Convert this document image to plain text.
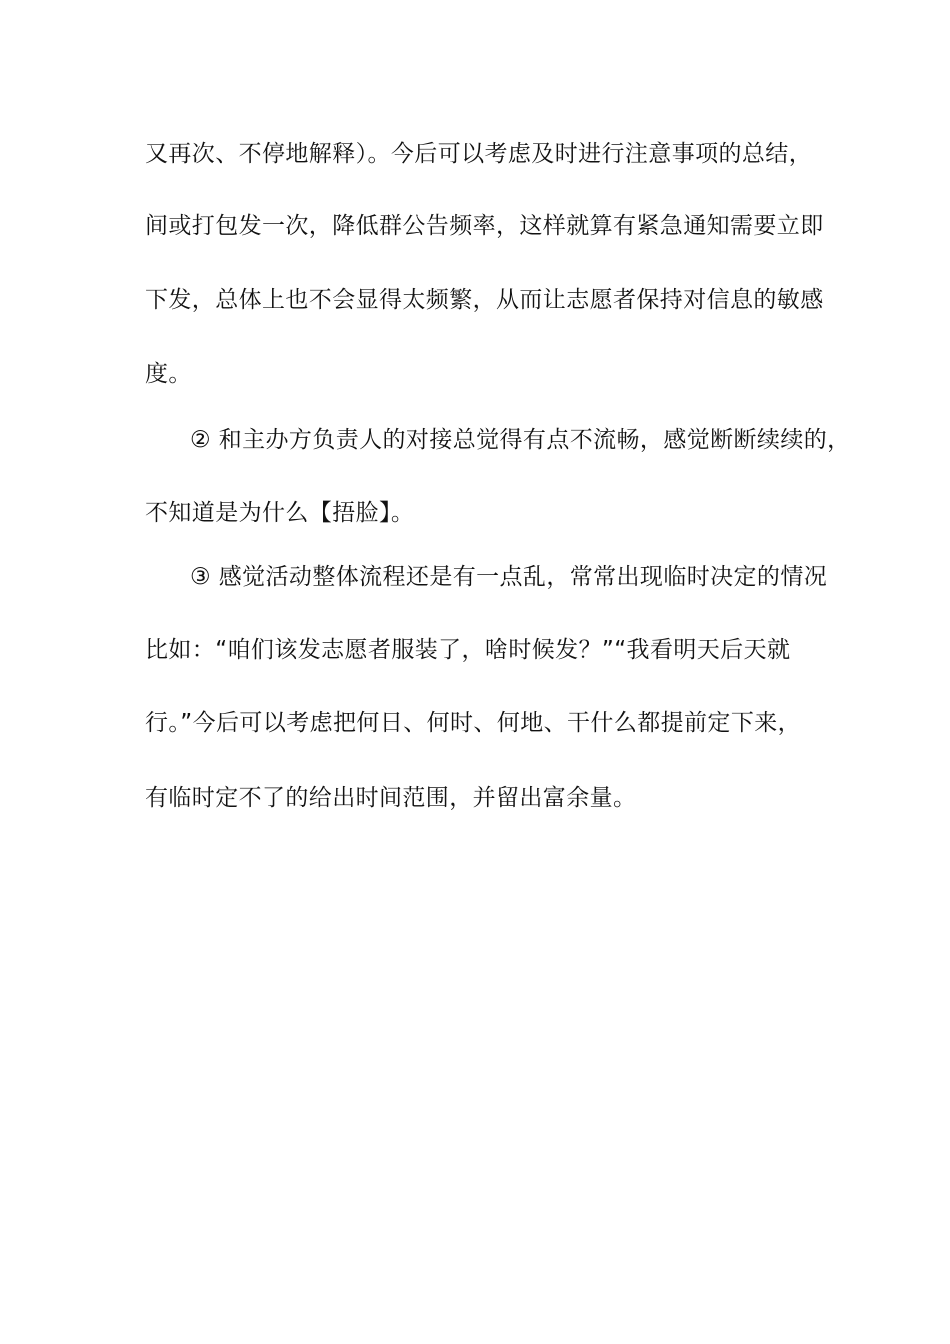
又再次、不停地解释）。今后可以考虑及时进行注意事项的总结，
间或打包发一次，降低群公告频率，这样就算有紧急通知需要立即
下发，总体上也不会显得太频繁，从而让志愿者保持对信息的敏感
度。
② 和主办方负责人的对接总觉得有点不流畅，感觉断断续续的，
不知道是为什么【捂脸】。
③ 感觉活动整体流程还是有一点乱，常常出现临时决定的情况
比如：“咱们该发志愿者服装了，啥时候发？”“我看明天后天就
行。”今后可以考虑把何日、何时、何地、干什么都提前定下来，
有临时定不了的给出时间范围，并留出富余量。
